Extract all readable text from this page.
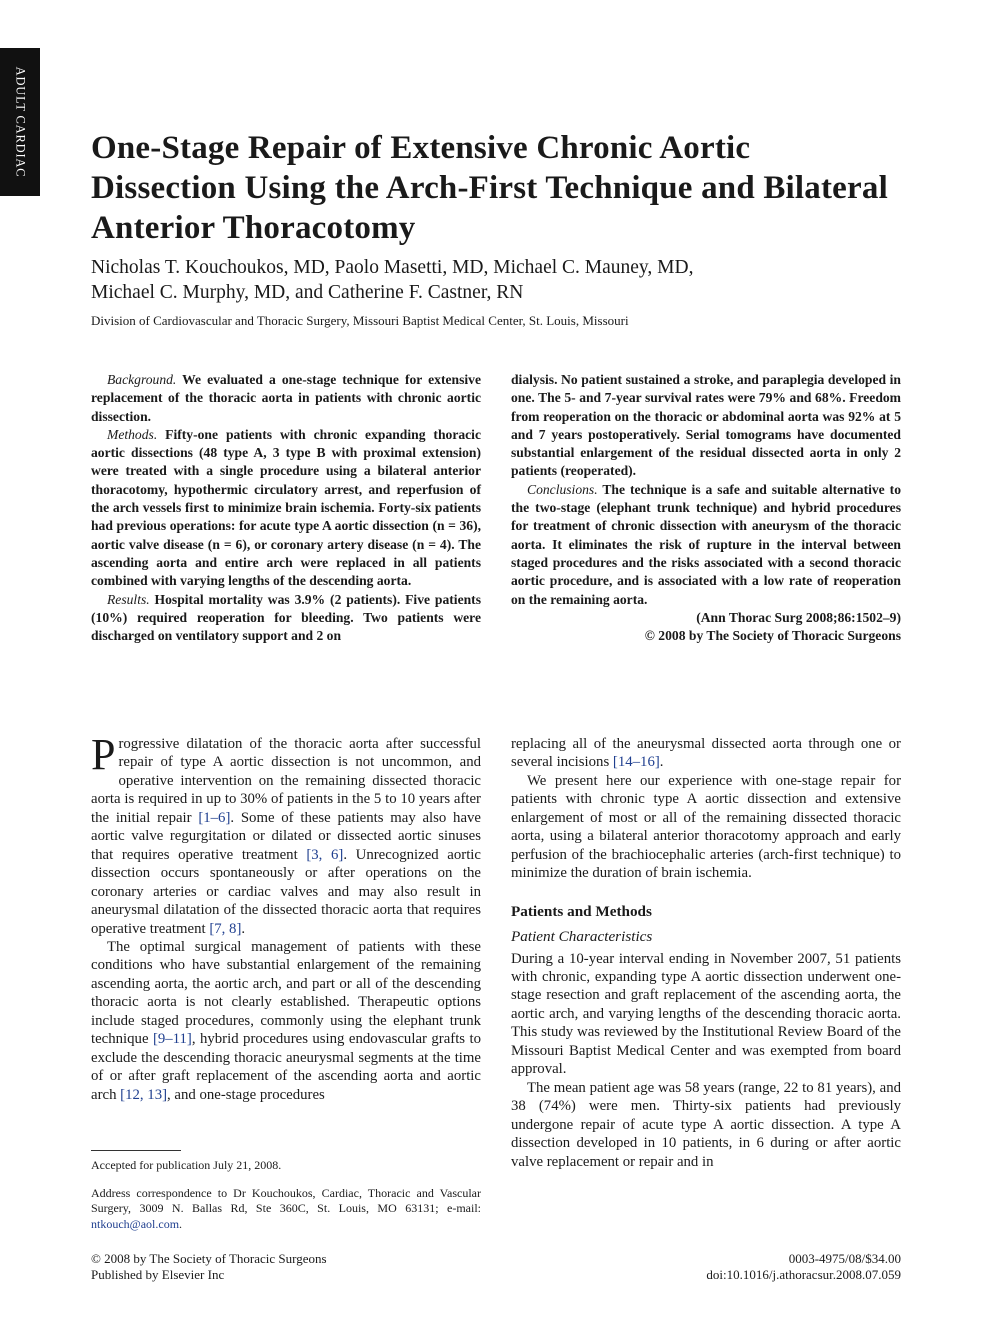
ADULT CARDIAC One-Stage Repair of Extensive Chronic Aortic Dissection Using the Arch-First Technique and Bilateral Anterior Thoracotomy
Nicholas T. Kouchoukos, MD, Paolo Masetti, MD, Michael C. Mauney, MD,
Michael C. Murphy, MD, and Catherine F. Castner, RN
Division of Cardiovascular and Thoracic Surgery, Missouri Baptist Medical Center, St. Louis, Missouri

Background. We evaluated a one-stage technique for extensive replacement of the thoracic aorta in patients with chronic aortic dissection.

Methods. Fifty-one patients with chronic expanding thoracic aortic dissections (48 type A, 3 type B with proximal extension) were treated with a single procedure using a bilateral anterior thoracotomy, hypothermic circulatory arrest, and reperfusion of the arch vessels first to minimize brain ischemia. Forty-six patients had previous operations: for acute type A aortic dissection (n = 36), aortic valve disease (n = 6), or coronary artery disease (n = 4). The ascending aorta and entire arch were replaced in all patients combined with varying lengths of the descending aorta.

Results. Hospital mortality was 3.9% (2 patients). Five patients (10%) required reoperation for bleeding. Two patients were discharged on ventilatory support and 2 on

dialysis. No patient sustained a stroke, and paraplegia developed in one. The 5- and 7-year survival rates were 79% and 68%. Freedom from reoperation on the thoracic or abdominal aorta was 92% at 5 and 7 years postoperatively. Serial tomograms have documented substantial enlargement of the residual dissected aorta in only 2 patients (reoperated).

Conclusions. The technique is a safe and suitable alternative to the two-stage (elephant trunk technique) and hybrid procedures for treatment of chronic dissection with aneurysm of the thoracic aorta. It eliminates the risk of rupture in the interval between staged procedures and the risks associated with a second thoracic aortic procedure, and is associated with a low rate of reoperation on the remaining aorta.

(Ann Thorac Surg 2008;86:1502–9)

© 2008 by The Society of Thoracic Surgeons

Progressive dilatation of the thoracic aorta after successful repair of type A aortic dissection is not uncommon, and operative intervention on the remaining dissected thoracic aorta is required in up to 30% of patients in the 5 to 10 years after the initial repair [1–6]. Some of these patients may also have aortic valve regurgitation or dilated or dissected aortic sinuses that requires operative treatment [3, 6]. Unrecognized aortic dissection occurs spontaneously or after operations on the coronary arteries or cardiac valves and may also result in aneurysmal dilatation of the dissected thoracic aorta that requires operative treatment [7, 8].

The optimal surgical management of patients with these conditions who have substantial enlargement of the remaining ascending aorta, the aortic arch, and part or all of the descending thoracic aorta is not clearly established. Therapeutic options include staged procedures, commonly using the elephant trunk technique [9–11], hybrid procedures using endovascular grafts to exclude the descending thoracic aneurysmal segments at the time of or after graft replacement of the ascending aorta and aortic arch [12, 13], and one-stage procedures

replacing all of the aneurysmal dissected aorta through one or several incisions [14–16].

We present here our experience with one-stage repair for patients with chronic type A aortic dissection and extensive enlargement of most or all of the remaining dissected thoracic aorta, using a bilateral anterior thoracotomy approach and early perfusion of the brachiocephalic arteries (arch-first technique) to minimize the duration of brain ischemia.

Patients and Methods
Patient Characteristics

During a 10-year interval ending in November 2007, 51 patients with chronic, expanding type A aortic dissection underwent one-stage resection and graft replacement of the ascending aorta, the aortic arch, and varying lengths of the descending thoracic aorta. This study was reviewed by the Institutional Review Board of the Missouri Baptist Medical Center and was exempted from board approval.

The mean patient age was 58 years (range, 22 to 81 years), and 38 (74%) were men. Thirty-six patients had previously undergone repair of acute type A aortic dissection. A type A dissection developed in 10 patients, in 6 during or after aortic valve replacement or repair and in

Accepted for publication July 21, 2008.

Address correspondence to Dr Kouchoukos, Cardiac, Thoracic and Vascular Surgery, 3009 N. Ballas Rd, Ste 360C, St. Louis, MO 63131; e-mail: ntkouch@aol.com.

© 2008 by The Society of Thoracic Surgeons
Published by Elsevier Inc
0003-4975/08/$34.00
doi:10.1016/j.athoracsur.2008.07.059
